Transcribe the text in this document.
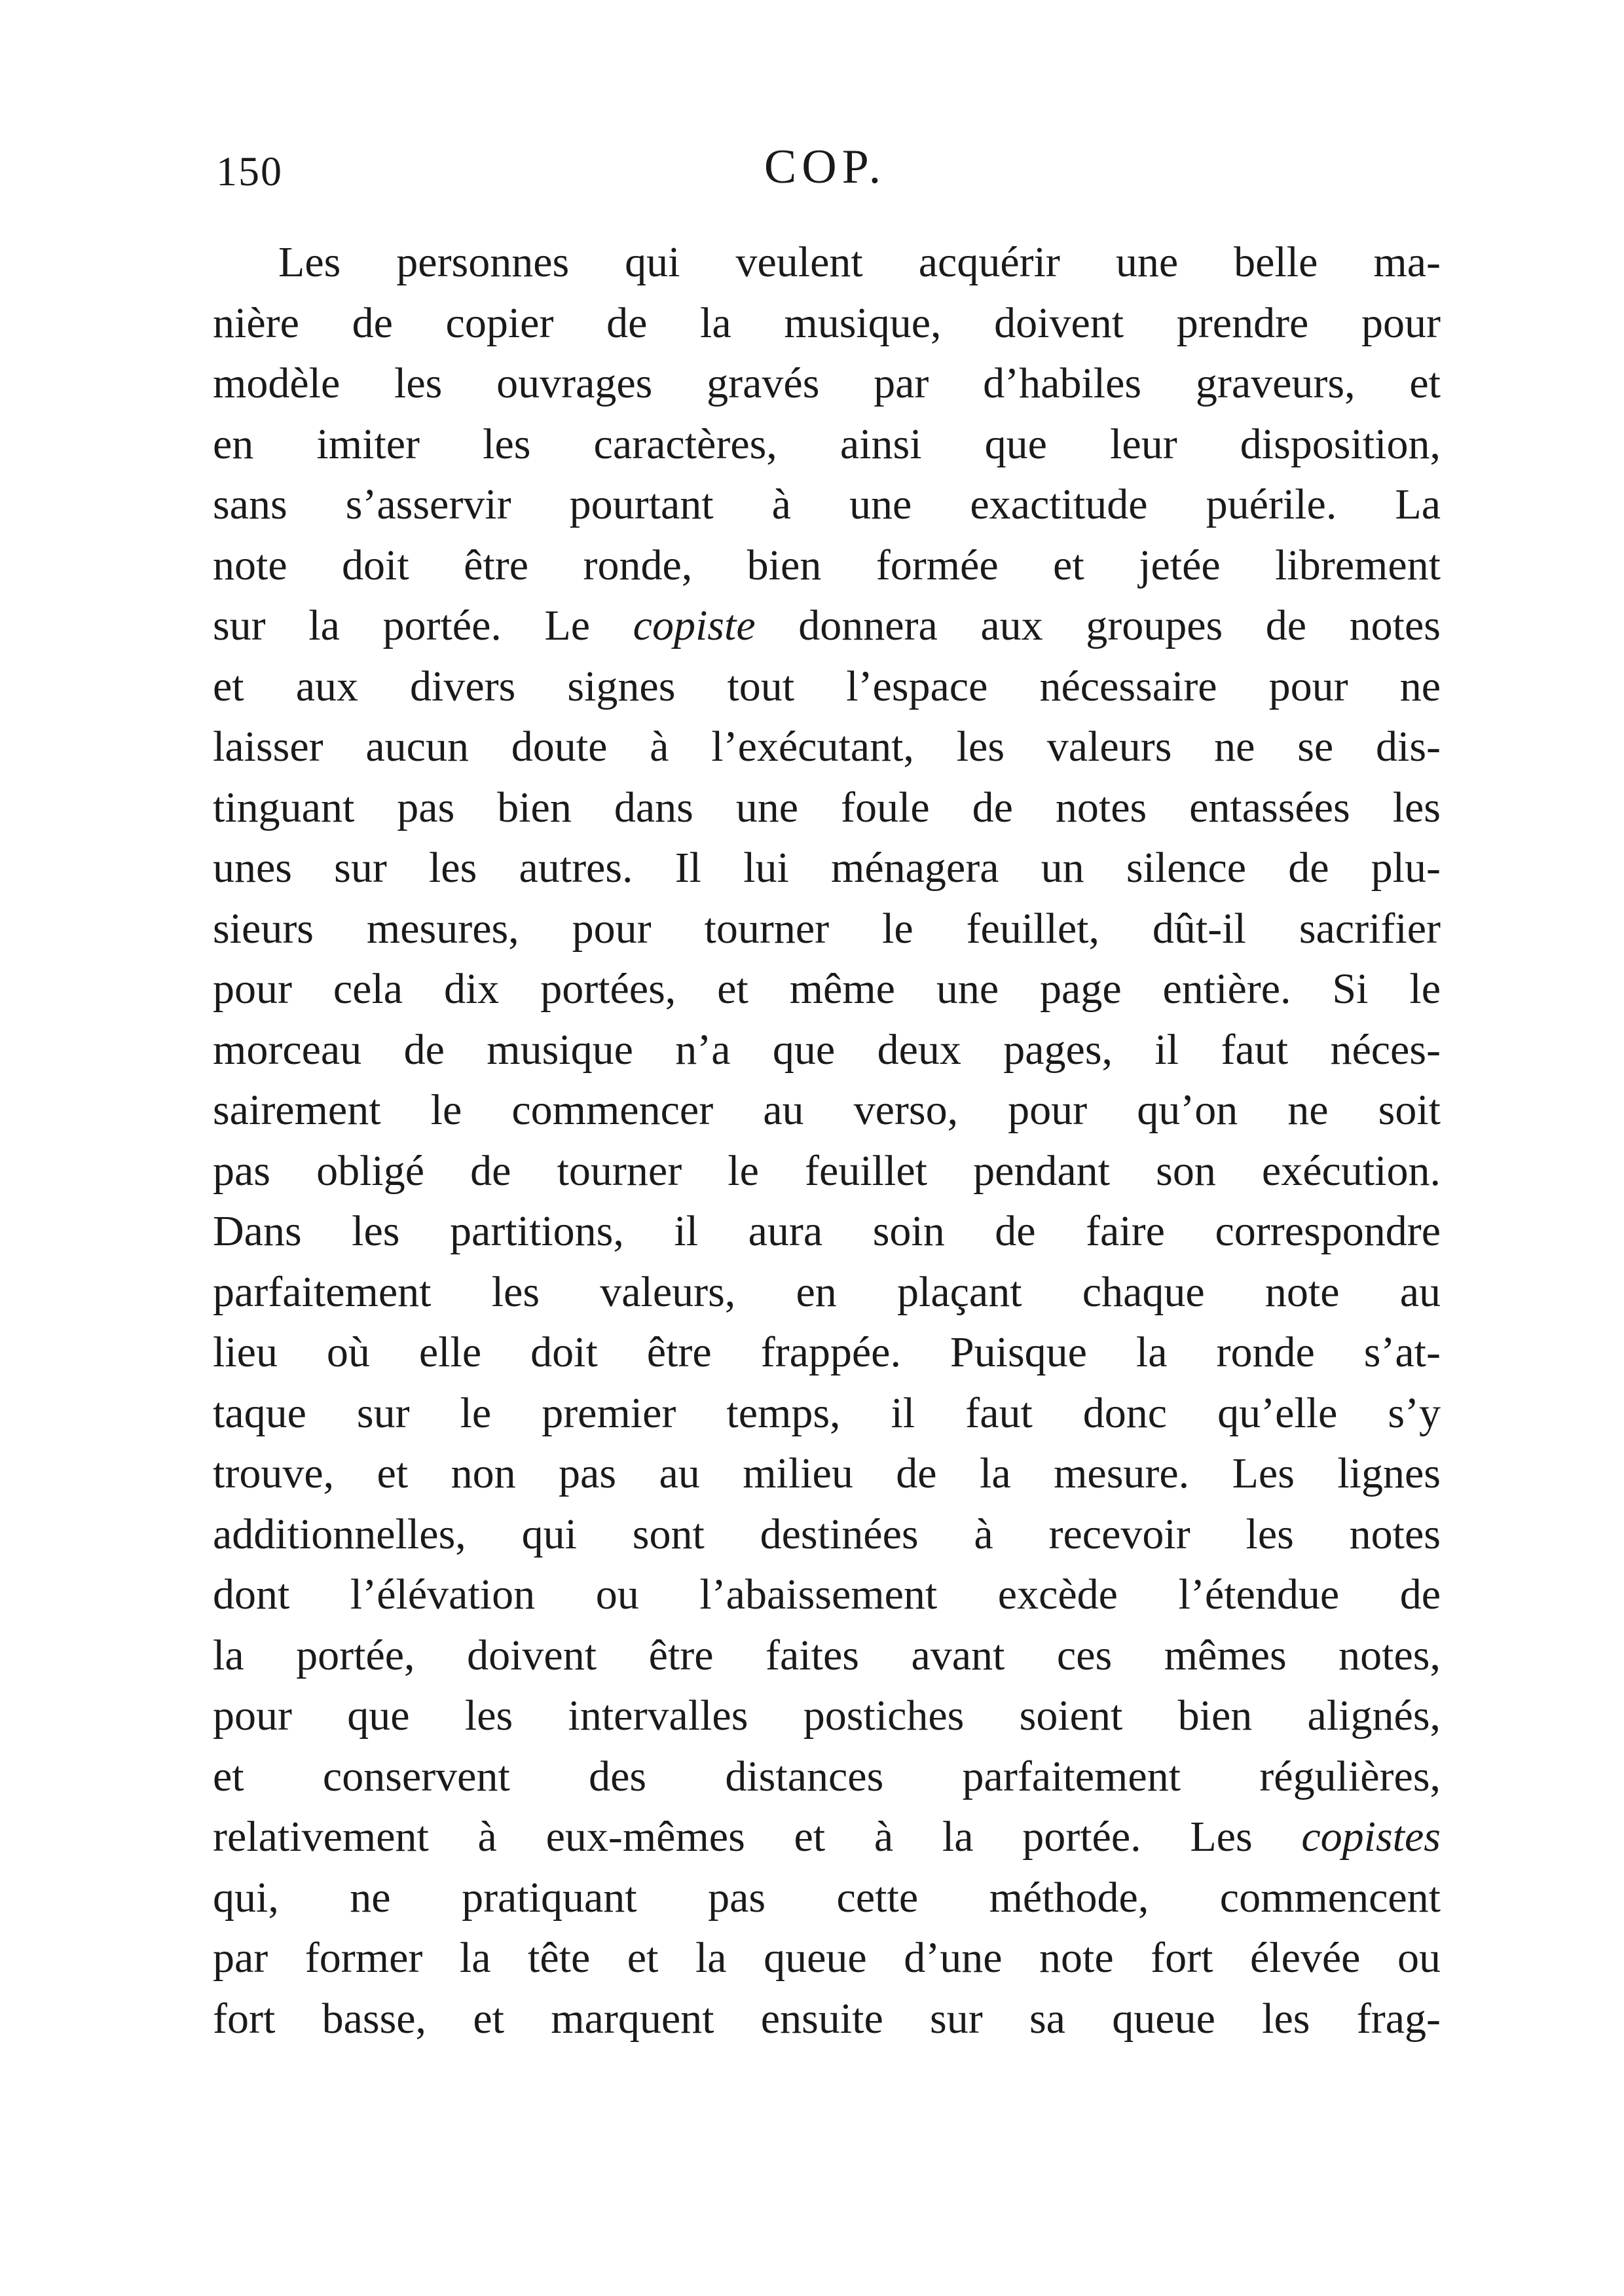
150	COP.
Les personnes qui veulent acquérir une belle ma-
nière de copier de la musique, doivent prendre pour
modèle les ouvrages gravés par d’habiles graveurs, et
en imiter les caractères, ainsi que leur disposition,
sans s’asservir pourtant à une exactitude puérile. La
note doit être ronde, bien formée et jetée librement
sur la portée. Le copiste donnera aux groupes de notes
et aux divers signes tout l’espace nécessaire pour ne
laisser aucun doute à l’exécutant, les valeurs ne se dis-
tinguant pas bien dans une foule de notes entassées les
unes sur les autres. Il lui ménagera un silence de plu-
sieurs mesures, pour tourner le feuillet, dût-il sacrifier
pour cela dix portées, et même une page entière. Si le
morceau de musique n’a que deux pages, il faut néces-
sairement le commencer au verso, pour qu’on ne soit
pas obligé de tourner le feuillet pendant son exécution.
Dans les partitions, il aura soin de faire correspondre
parfaitement les valeurs, en plaçant chaque note au
lieu où elle doit être frappée. Puisque la ronde s’at-
taque sur le premier temps, il faut donc qu’elle s’y
trouve, et non pas au milieu de la mesure. Les lignes
additionnelles, qui sont destinées à recevoir les notes
dont l’élévation ou l’abaissement excède l’étendue de
la portée, doivent être faites avant ces mêmes notes,
pour que les intervalles postiches soient bien alignés,
et conservent des distances parfaitement régulières,
relativement à eux-mêmes et à la portée. Les copistes
qui, ne pratiquant pas cette méthode, commencent
par former la tête et la queue d’une note fort élevée ou
fort basse, et marquent ensuite sur sa queue les frag-
